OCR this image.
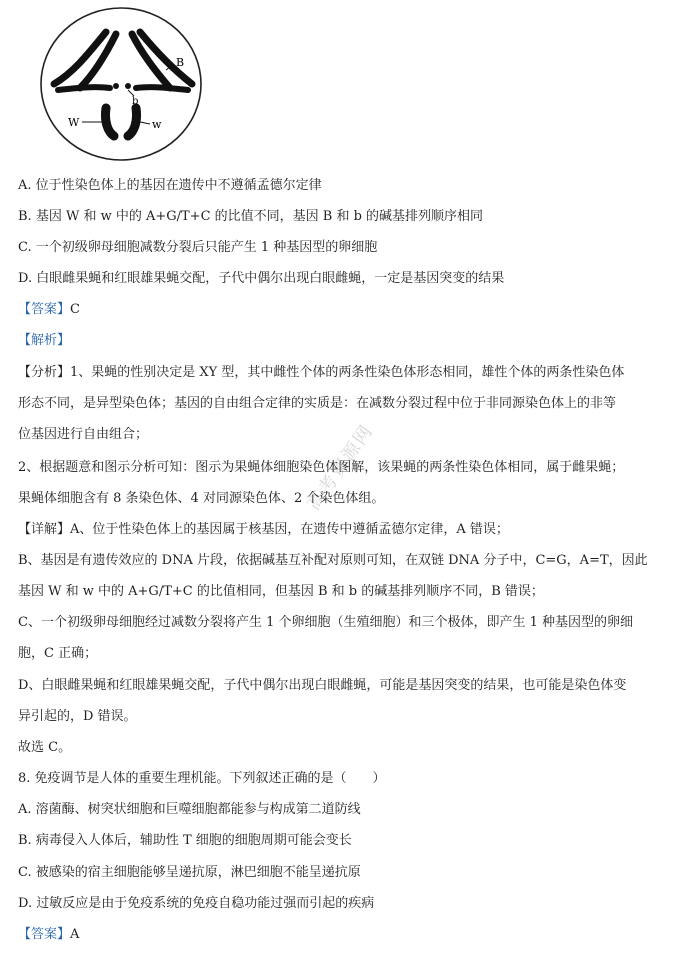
B
b
W	w
高考资源网
A. 位于性染色体上的基因在遗传中不遵循孟德尔定律
B. 基因 W 和 w 中的 A+G/T+C 的比值不同，基因 B 和 b 的碱基排列顺序相同
C. 一个初级卵母细胞减数分裂后只能产生 1 种基因型的卵细胞
D. 白眼雌果蝇和红眼雄果蝇交配，子代中偶尔出现白眼雌蝇，一定是基因突变的结果
【答案】C
【解析】
【分析】1、果蝇的性别决定是 XY 型，其中雌性个体的两条性染色体形态相同，雄性个体的两条性染色体
形态不同，是异型染色体；基因的自由组合定律的实质是：在减数分裂过程中位于非同源染色体上的非等
位基因进行自由组合；
2、根据题意和图示分析可知：图示为果蝇体细胞染色体图解，该果蝇的两条性染色体相同，属于雌果蝇；
果蝇体细胞含有 8 条染色体、4 对同源染色体、2 个染色体组。
【详解】A、位于性染色体上的基因属于核基因，在遗传中遵循孟德尔定律，A 错误；
B、基因是有遗传效应的 DNA 片段，依据碱基互补配对原则可知，在双链 DNA 分子中，C=G，A=T，因此
基因 W 和 w 中的 A+G/T+C 的比值相同，但基因 B 和 b 的碱基排列顺序不同，B 错误；
C、一个初级卵母细胞经过减数分裂将产生 1 个卵细胞（生殖细胞）和三个极体，即产生 1 种基因型的卵细
胞，C 正确；
D、白眼雌果蝇和红眼雄果蝇交配，子代中偶尔出现白眼雌蝇，可能是基因突变的结果，也可能是染色体变
异引起的，D 错误。
故选 C。
8. 免疫调节是人体的重要生理机能。下列叙述正确的是（　　）
A. 溶菌酶、树突状细胞和巨噬细胞都能参与构成第二道防线
B. 病毒侵入人体后，辅助性 T 细胞的细胞周期可能会变长
C. 被感染的宿主细胞能够呈递抗原，淋巴细胞不能呈递抗原
D. 过敏反应是由于免疫系统的免疫自稳功能过强而引起的疾病
【答案】A
